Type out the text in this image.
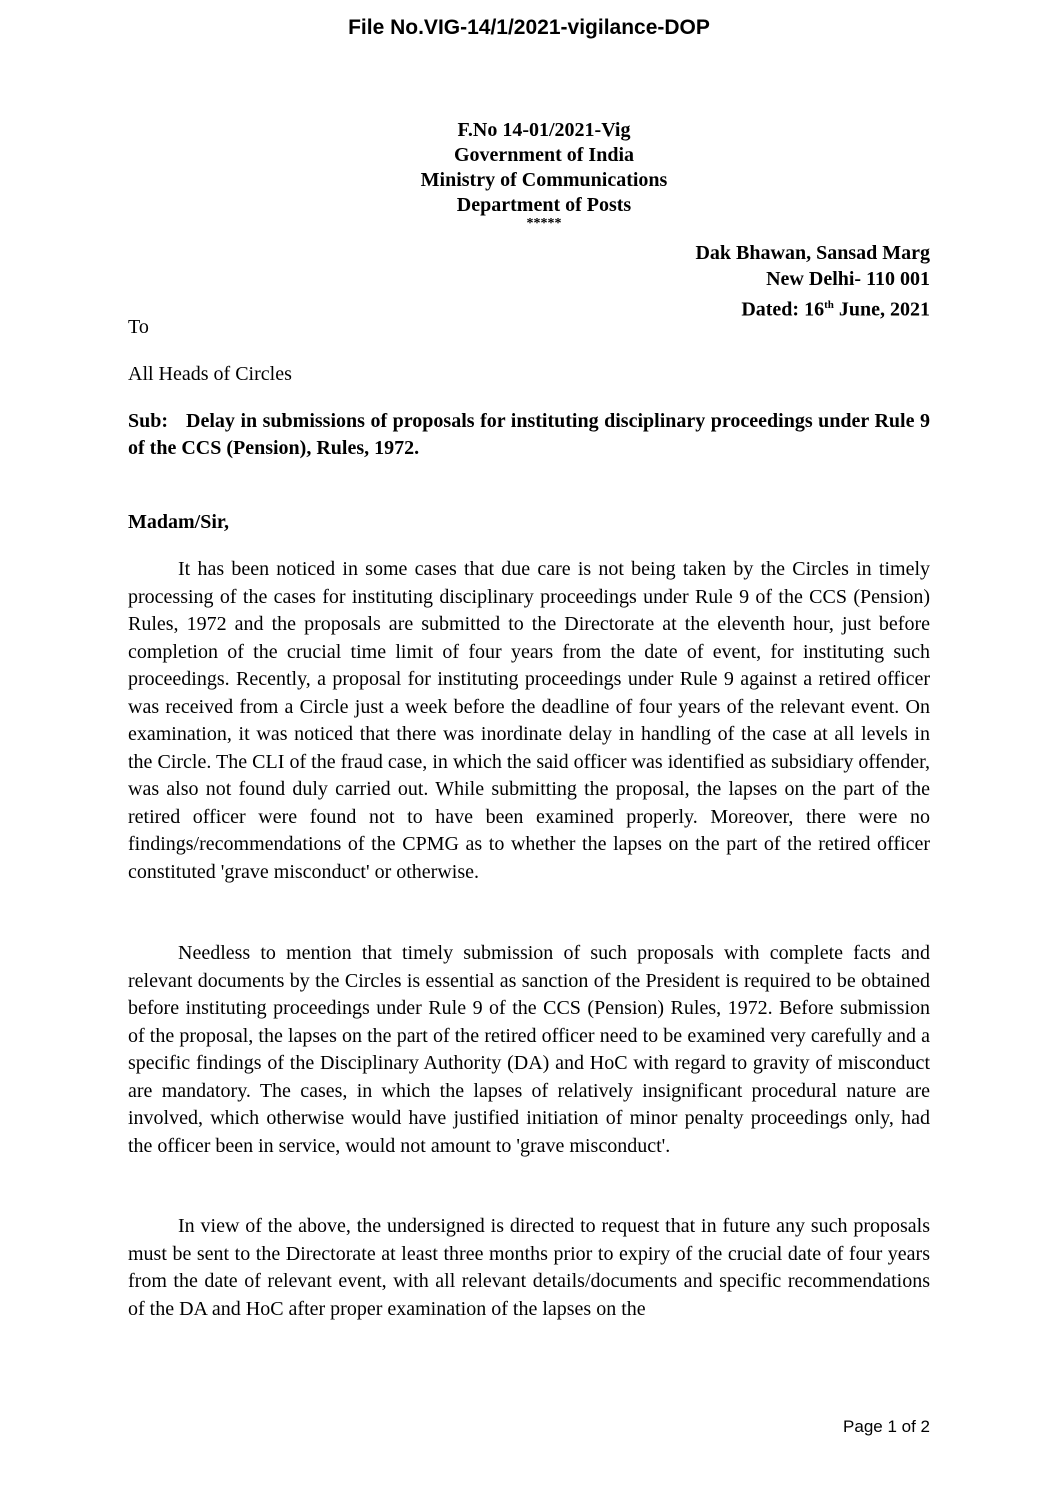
File No.VIG-14/1/2021-vigilance-DOP
F.No 14-01/2021-Vig
Government of India
Ministry of Communications
Department of Posts
*****
Dak Bhawan, Sansad Marg
New Delhi- 110 001
Dated: 16th June, 2021
To
All Heads of Circles
Sub: Delay in submissions of proposals for instituting disciplinary proceedings under Rule 9 of the CCS (Pension), Rules, 1972.
Madam/Sir,

It has been noticed in some cases that due care is not being taken by the Circles in timely processing of the cases for instituting disciplinary proceedings under Rule 9 of the CCS (Pension) Rules, 1972 and the proposals are submitted to the Directorate at the eleventh hour, just before completion of the crucial time limit of four years from the date of event, for instituting such proceedings. Recently, a proposal for instituting proceedings under Rule 9 against a retired officer was received from a Circle just a week before the deadline of four years of the relevant event. On examination, it was noticed that there was inordinate delay in handling of the case at all levels in the Circle. The CLI of the fraud case, in which the said officer was identified as subsidiary offender, was also not found duly carried out. While submitting the proposal, the lapses on the part of the retired officer were found not to have been examined properly. Moreover, there were no findings/recommendations of the CPMG as to whether the lapses on the part of the retired officer constituted 'grave misconduct' or otherwise.

Needless to mention that timely submission of such proposals with complete facts and relevant documents by the Circles is essential as sanction of the President is required to be obtained before instituting proceedings under Rule 9 of the CCS (Pension) Rules, 1972. Before submission of the proposal, the lapses on the part of the retired officer need to be examined very carefully and a specific findings of the Disciplinary Authority (DA) and HoC with regard to gravity of misconduct are mandatory. The cases, in which the lapses of relatively insignificant procedural nature are involved, which otherwise would have justified initiation of minor penalty proceedings only, had the officer been in service, would not amount to 'grave misconduct'.

In view of the above, the undersigned is directed to request that in future any such proposals must be sent to the Directorate at least three months prior to expiry of the crucial date of four years from the date of relevant event, with all relevant details/documents and specific recommendations of the DA and HoC after proper examination of the lapses on the

Page 1 of 2
